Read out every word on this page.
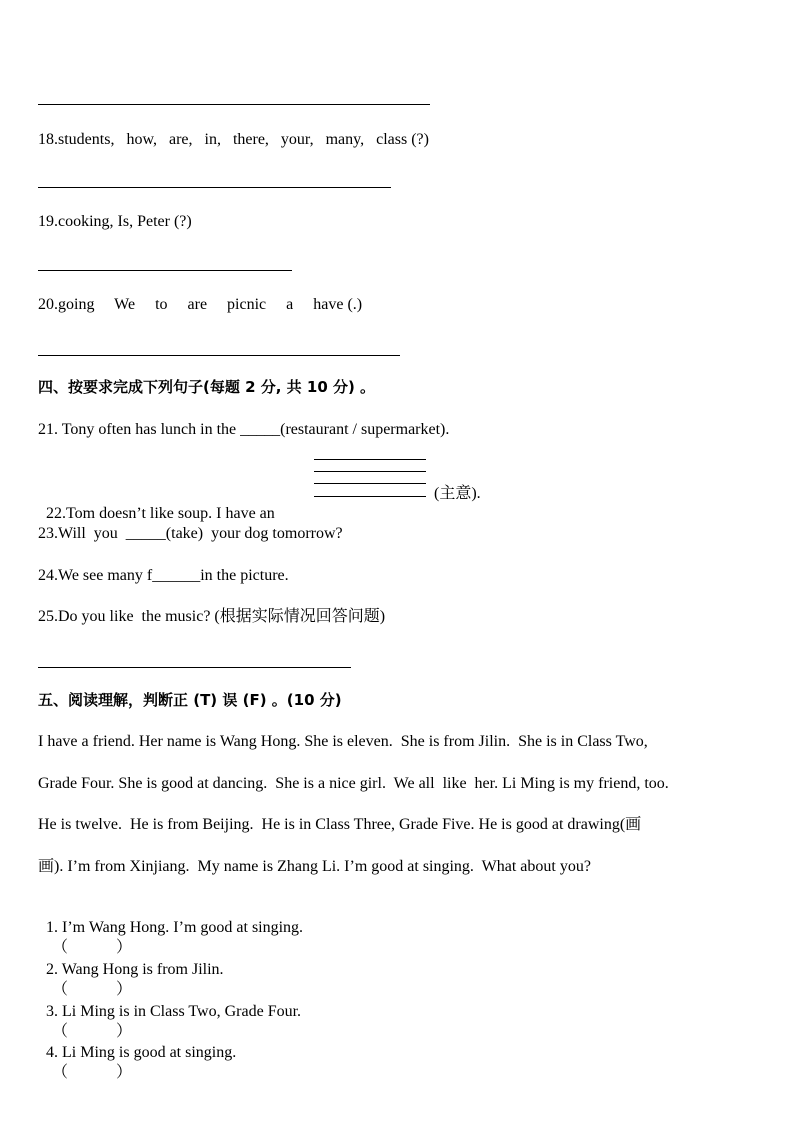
18.students,   how,   are,   in,   there,   your,   many,   class (?)
19.cooking, Is, Peter (?)
20.going     We     to     are     picnic     a     have (.)
四、按要求完成下列句子(每题 2 分, 共 10 分) 。
21. Tony often has lunch in the _____(restaurant / supermarket).

22.Tom doesn’t like soup. I have an

(主意).
23.Will  you  _____(take)  your dog tomorrow?
24.We see many f______in the picture.
25.Do you like  the music? (根据实际情况回答问题)
五、阅读理解，判断正 (T) 误 (F) 。(10 分)
I have a friend. Her name is Wang Hong. She is eleven.  She is from Jilin.  She is in Class Two,
Grade Four. She is good at dancing.  She is a nice girl.  We all  like  her. Li Ming is my friend, too.
He is twelve.  He is from Beijing.  He is in Class Three, Grade Five. He is good at drawing(画
画). I’m from Xinjiang.  My name is Zhang Li. I’m good at singing.  What about you?

1. I’m Wang Hong. I’m good at singing.
（            ）

2. Wang Hong is from Jilin.
（            ）

3. Li Ming is in Class Two, Grade Four.
（            ）

4. Li Ming is good at singing.
（            ）
